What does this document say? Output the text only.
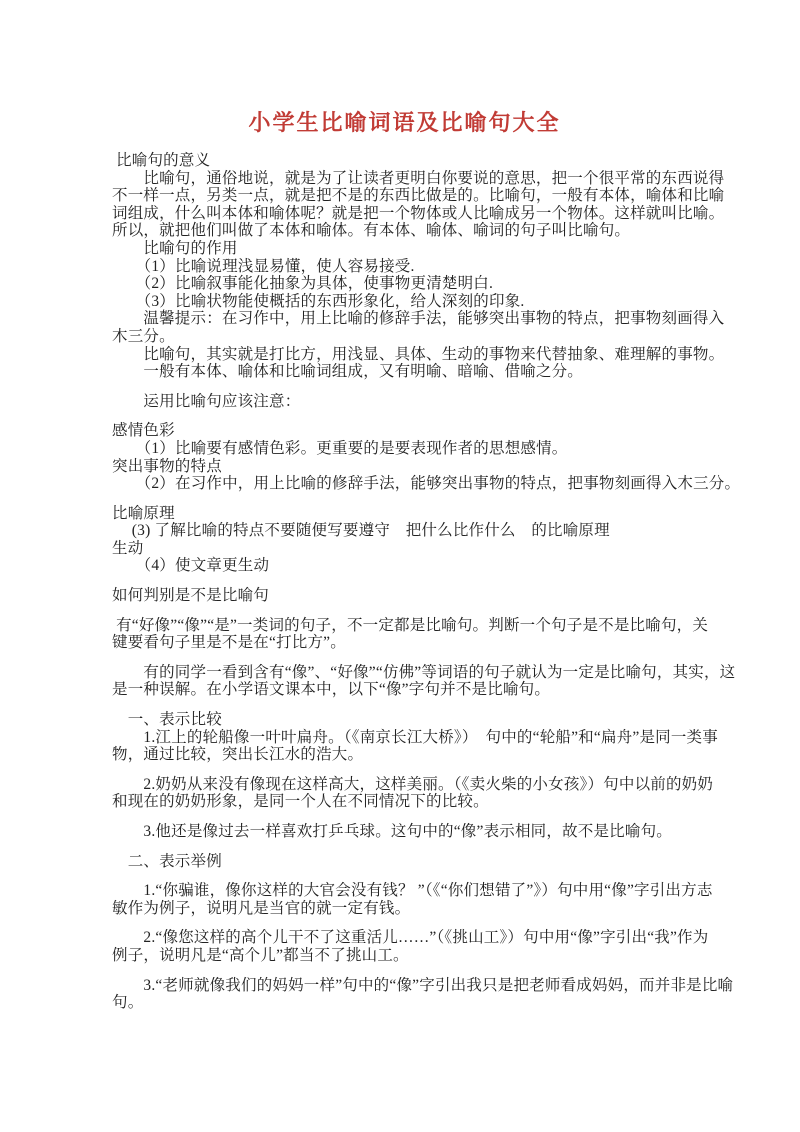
小学生比喻词语及比喻句大全
比喻句的意义
　　比喻句，通俗地说，就是为了让读者更明白你要说的意思，把一个很平常的东西说得
不一样一点，另类一点，就是把不是的东西比做是的。比喻句，一般有本体，喻体和比喻
词组成，什么叫本体和喻体呢？就是把一个物体或人比喻成另一个物体。这样就叫比喻。
所以，就把他们叫做了本体和喻体。有本体、喻体、喻词的句子叫比喻句。
　　比喻句的作用
　　（1）比喻说理浅显易懂，使人容易接受.
　　（2）比喻叙事能化抽象为具体，使事物更清楚明白.
　　（3）比喻状物能使概括的东西形象化，给人深刻的印象.
　　温馨提示：在习作中，用上比喻的修辞手法，能够突出事物的特点，把事物刻画得入
木三分。
　　比喻句，其实就是打比方，用浅显、具体、生动的事物来代替抽象、难理解的事物。
　　一般有本体、喻体和比喻词组成，又有明喻、暗喻、借喻之分。
　　运用比喻句应该注意：
感情色彩
　　（1）比喻要有感情色彩。更重要的是要表现作者的思想感情。
突出事物的特点
　　（2）在习作中，用上比喻的修辞手法，能够突出事物的特点，把事物刻画得入木三分。
比喻原理
　 (3) 了解比喻的特点不要随便写要遵守　把什么比作什么　的比喻原理
生动
　　（4）使文章更生动
如何判别是不是比喻句
有“好像”“像”“是”一类词的句子，不一定都是比喻句。判断一个句子是不是比喻句，关
键要看句子里是不是在“打比方”。
　　有的同学一看到含有“像”、“好像”“仿佛”等词语的句子就认为一定是比喻句，其实，这
是一种误解。在小学语文课本中，以下“像”字句并不是比喻句。
　一、表示比较
　　1.江上的轮船像一叶叶扁舟。（《南京长江大桥》）　句中的“轮船”和“扁舟”是同一类事
物，通过比较，突出长江水的浩大。
　　2.奶奶从来没有像现在这样高大，这样美丽。（《卖火柴的小女孩》）句中以前的奶奶
和现在的奶奶形象，是同一个人在不同情况下的比较。
　　3.他还是像过去一样喜欢打乒乓球。这句中的“像”表示相同，故不是比喻句。
　二、表示举例
　　1.“你骗谁，像你这样的大官会没有钱？ ”（《“你们想错了”》）句中用“像”字引出方志
敏作为例子，说明凡是当官的就一定有钱。
　　2.“像您这样的高个儿干不了这重活儿……”（《挑山工》）句中用“像”字引出“我”作为
例子，说明凡是“高个儿”都当不了挑山工。
　　3.“老师就像我们的妈妈一样”句中的“像”字引出我只是把老师看成妈妈，而并非是比喻
句。
